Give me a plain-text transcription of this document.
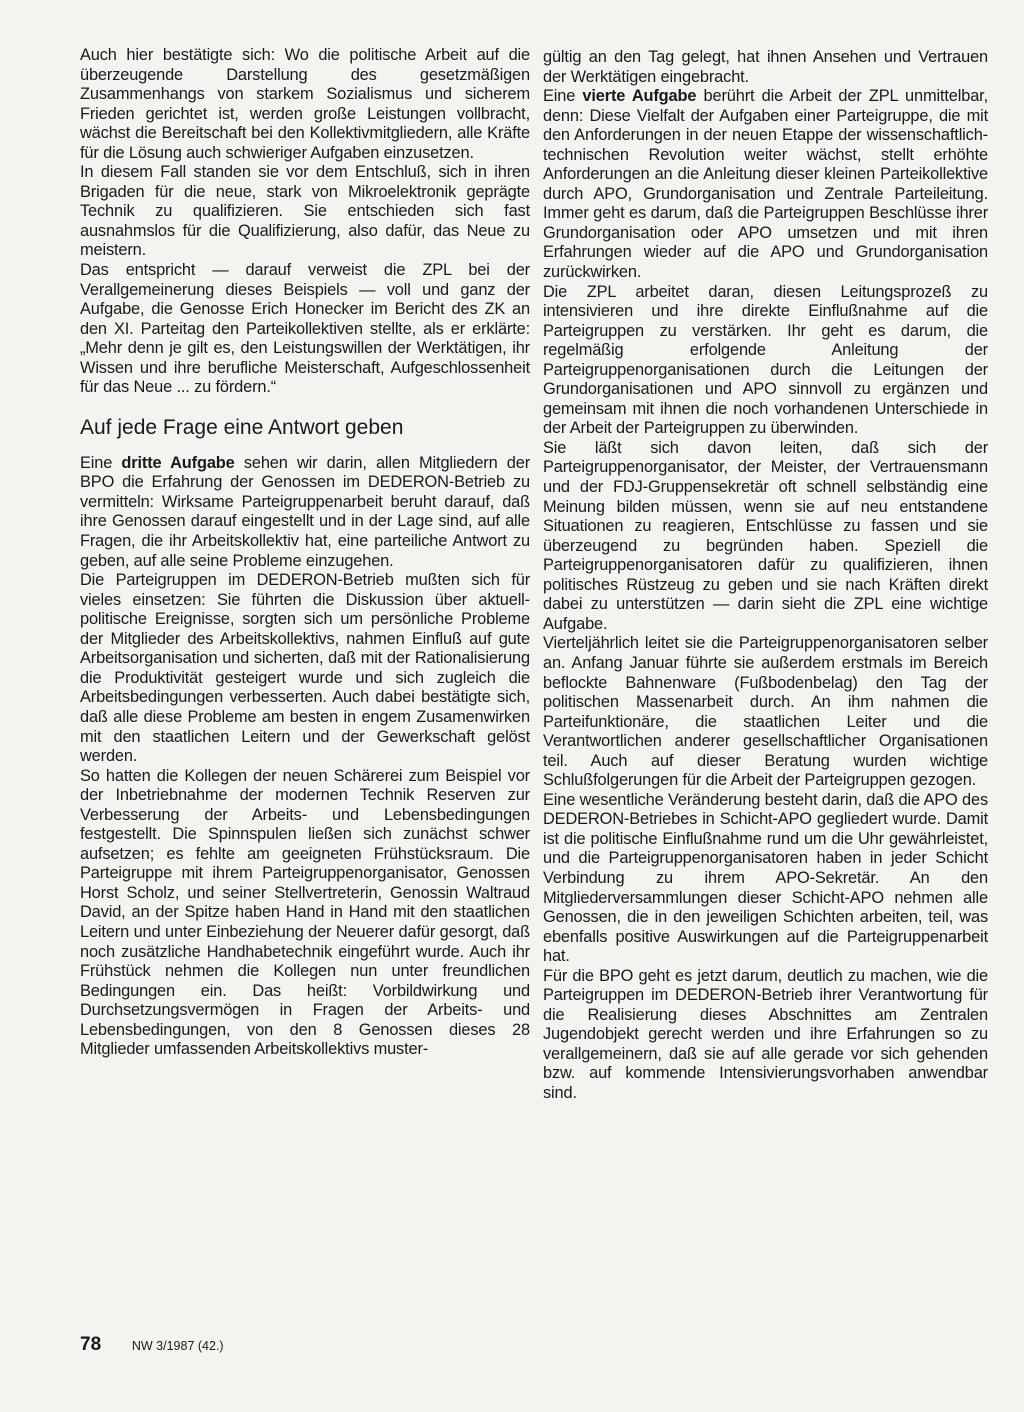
Auch hier bestätigte sich: Wo die politische Arbeit auf die überzeugende Darstellung des gesetzmäßigen Zusammenhangs von starkem Sozialismus und sicherem Frieden gerichtet ist, werden große Leistungen vollbracht, wächst die Bereitschaft bei den Kollektivmitgliedern, alle Kräfte für die Lösung auch schwieriger Aufgaben einzusetzen.

In diesem Fall standen sie vor dem Entschluß, sich in ihren Brigaden für die neue, stark von Mikroelektronik geprägte Technik zu qualifizieren. Sie entschieden sich fast ausnahmslos für die Qualifizierung, also dafür, das Neue zu meistern.

Das entspricht — darauf verweist die ZPL bei der Verallgemeinerung dieses Beispiels — voll und ganz der Aufgabe, die Genosse Erich Honecker im Bericht des ZK an den XI. Parteitag den Parteikollektiven stellte, als er erklärte: „Mehr denn je gilt es, den Leistungswillen der Werktätigen, ihr Wissen und ihre berufliche Meisterschaft, Aufgeschlossenheit für das Neue ... zu fördern.“

Auf jede Frage eine Antwort geben

Eine dritte Aufgabe sehen wir darin, allen Mitgliedern der BPO die Erfahrung der Genossen im DEDERON-Betrieb zu vermitteln: Wirksame Parteigruppenarbeit beruht darauf, daß ihre Genossen darauf eingestellt und in der Lage sind, auf alle Fragen, die ihr Arbeitskollektiv hat, eine parteiliche Antwort zu geben, auf alle seine Probleme einzugehen.

Die Parteigruppen im DEDERON-Betrieb mußten sich für vieles einsetzen: Sie führten die Diskussion über aktuell-politische Ereignisse, sorgten sich um persönliche Probleme der Mitglieder des Arbeitskollektivs, nahmen Einfluß auf gute Arbeitsorganisation und sicherten, daß mit der Rationalisierung die Produktivität gesteigert wurde und sich zugleich die Arbeitsbedingungen verbesserten. Auch dabei bestätigte sich, daß alle diese Probleme am besten in engem Zusamenwirken mit den staatlichen Leitern und der Gewerkschaft gelöst werden.

So hatten die Kollegen der neuen Schärerei zum Beispiel vor der Inbetriebnahme der modernen Technik Reserven zur Verbesserung der Arbeits- und Lebensbedingungen festgestellt. Die Spinnspulen ließen sich zunächst schwer aufsetzen; es fehlte am geeigneten Frühstücksraum. Die Parteigruppe mit ihrem Parteigruppenorganisator, Genossen Horst Scholz, und seiner Stellvertreterin, Genossin Waltraud David, an der Spitze haben Hand in Hand mit den staatlichen Leitern und unter Einbeziehung der Neuerer dafür gesorgt, daß noch zusätzliche Handhabetechnik eingeführt wurde. Auch ihr Frühstück nehmen die Kollegen nun unter freundlichen Bedingungen ein. Das heißt: Vorbildwirkung und Durchsetzungsvermögen in Fragen der Arbeits- und Lebensbedingungen, von den 8 Genossen dieses 28 Mitglieder umfassenden Arbeitskollektivs muster-

gültig an den Tag gelegt, hat ihnen Ansehen und Vertrauen der Werktätigen eingebracht.

Eine vierte Aufgabe berührt die Arbeit der ZPL unmittelbar, denn: Diese Vielfalt der Aufgaben einer Parteigruppe, die mit den Anforderungen in der neuen Etappe der wissenschaftlich-technischen Revolution weiter wächst, stellt erhöhte Anforderungen an die Anleitung dieser kleinen Parteikollektive durch APO, Grundorganisation und Zentrale Parteileitung. Immer geht es darum, daß die Parteigruppen Beschlüsse ihrer Grundorganisation oder APO umsetzen und mit ihren Erfahrungen wieder auf die APO und Grundorganisation zurückwirken.

Die ZPL arbeitet daran, diesen Leitungsprozeß zu intensivieren und ihre direkte Einflußnahme auf die Parteigruppen zu verstärken. Ihr geht es darum, die regelmäßig erfolgende Anleitung der Parteigruppenorganisationen durch die Leitungen der Grundorganisationen und APO sinnvoll zu ergänzen und gemeinsam mit ihnen die noch vorhandenen Unterschiede in der Arbeit der Parteigruppen zu überwinden.

Sie läßt sich davon leiten, daß sich der Parteigruppenorganisator, der Meister, der Vertrauensmann und der FDJ-Gruppensekretär oft schnell selbständig eine Meinung bilden müssen, wenn sie auf neu entstandene Situationen zu reagieren, Entschlüsse zu fassen und sie überzeugend zu begründen haben. Speziell die Parteigruppenorganisatoren dafür zu qualifizieren, ihnen politisches Rüstzeug zu geben und sie nach Kräften direkt dabei zu unterstützen — darin sieht die ZPL eine wichtige Aufgabe.

Vierteljährlich leitet sie die Parteigruppenorganisatoren selber an. Anfang Januar führte sie außerdem erstmals im Bereich beflockte Bahnenware (Fußbodenbelag) den Tag der politischen Massenarbeit durch. An ihm nahmen die Parteifunktionäre, die staatlichen Leiter und die Verantwortlichen anderer gesellschaftlicher Organisationen teil. Auch auf dieser Beratung wurden wichtige Schlußfolgerungen für die Arbeit der Parteigruppen gezogen.

Eine wesentliche Veränderung besteht darin, daß die APO des DEDERON-Betriebes in Schicht-APO gegliedert wurde. Damit ist die politische Einflußnahme rund um die Uhr gewährleistet, und die Parteigruppenorganisatoren haben in jeder Schicht Verbindung zu ihrem APO-Sekretär. An den Mitgliederversammlungen dieser Schicht-APO nehmen alle Genossen, die in den jeweiligen Schichten arbeiten, teil, was ebenfalls positive Auswirkungen auf die Parteigruppenarbeit hat.

Für die BPO geht es jetzt darum, deutlich zu machen, wie die Parteigruppen im DEDERON-Betrieb ihrer Verantwortung für die Realisierung dieses Abschnittes am Zentralen Jugendobjekt gerecht werden und ihre Erfahrungen so zu verallgemeinern, daß sie auf alle gerade vor sich gehenden bzw. auf kommende Intensivierungsvorhaben anwendbar sind.

78 NW 3/1987 (42.)
